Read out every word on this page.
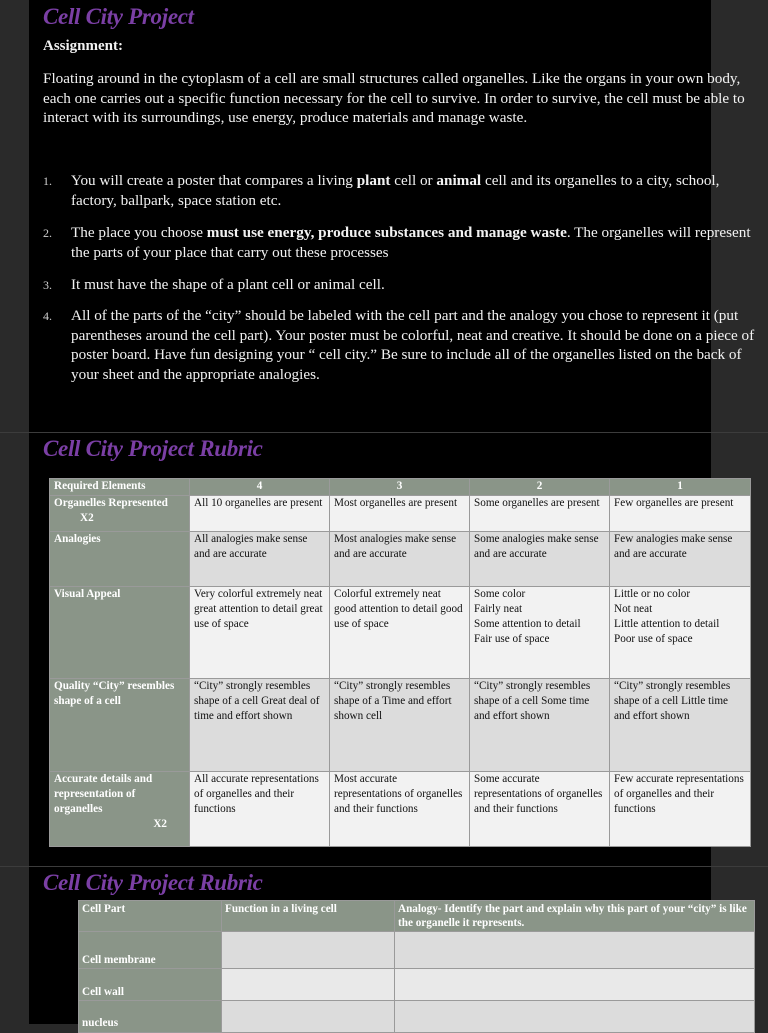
Cell City Project
Assignment:
Floating around in the cytoplasm of a cell are small structures called organelles. Like the organs in your own body, each one carries out a specific function necessary for the cell to survive. In order to survive, the cell must be able to interact with its surroundings, use energy, produce materials and manage waste.
1. You will create a poster that compares a living plant cell or animal cell and its organelles to a city, school, factory, ballpark, space station etc.
2. The place you choose must use energy, produce substances and manage waste. The organelles will represent the parts of your place that carry out these processes
3. It must have the shape of a plant cell or animal cell.
4. All of the parts of the “city” should be labeled with the cell part and the analogy you chose to represent it (put parentheses around the cell part). Your poster must be colorful, neat and creative. It should be done on a piece of poster board. Have fun designing your “ cell city.” Be sure to include all of the organelles listed on the back of your sheet and the appropriate analogies.
Cell City Project Rubric
Required Elements	4	3	2	1

Organelles Represented
X2	All 10 organelles are present	Most organelles are present	Some organelles are present	Few organelles are present
Analogies	All analogies make sense and are accurate	Most analogies make sense and are accurate	Some analogies make sense and are accurate	Few analogies make sense and are accurate
Visual Appeal	Very colorful extremely neat great attention to detail great use of space	Colorful extremely neat good attention to detail good use of space	Some color
Fairly neat
Some attention to detail
Fair use of space	Little or no color
Not neat
Little attention to detail
Poor use of space
Quality “City” resembles shape of a cell	“City” strongly resembles shape of a cell Great deal of time and effort shown	“City” strongly resembles shape of a Time and effort shown cell	“City” strongly resembles shape of a cell Some time and effort shown	“City” strongly resembles shape of a cell Little time and effort shown

Accurate details and representation of organelles
X2	All accurate representations of organelles and their functions	Most accurate representations of organelles and their functions	Some accurate representations of organelles and their functions	Few accurate representations of organelles and their functions
Cell City Project Rubric
Cell Part	Function in a living cell	Analogy- Identify the part and explain why this part of your “city” is like the organelle it represents.
Cell membrane		
Cell wall		
nucleus		
